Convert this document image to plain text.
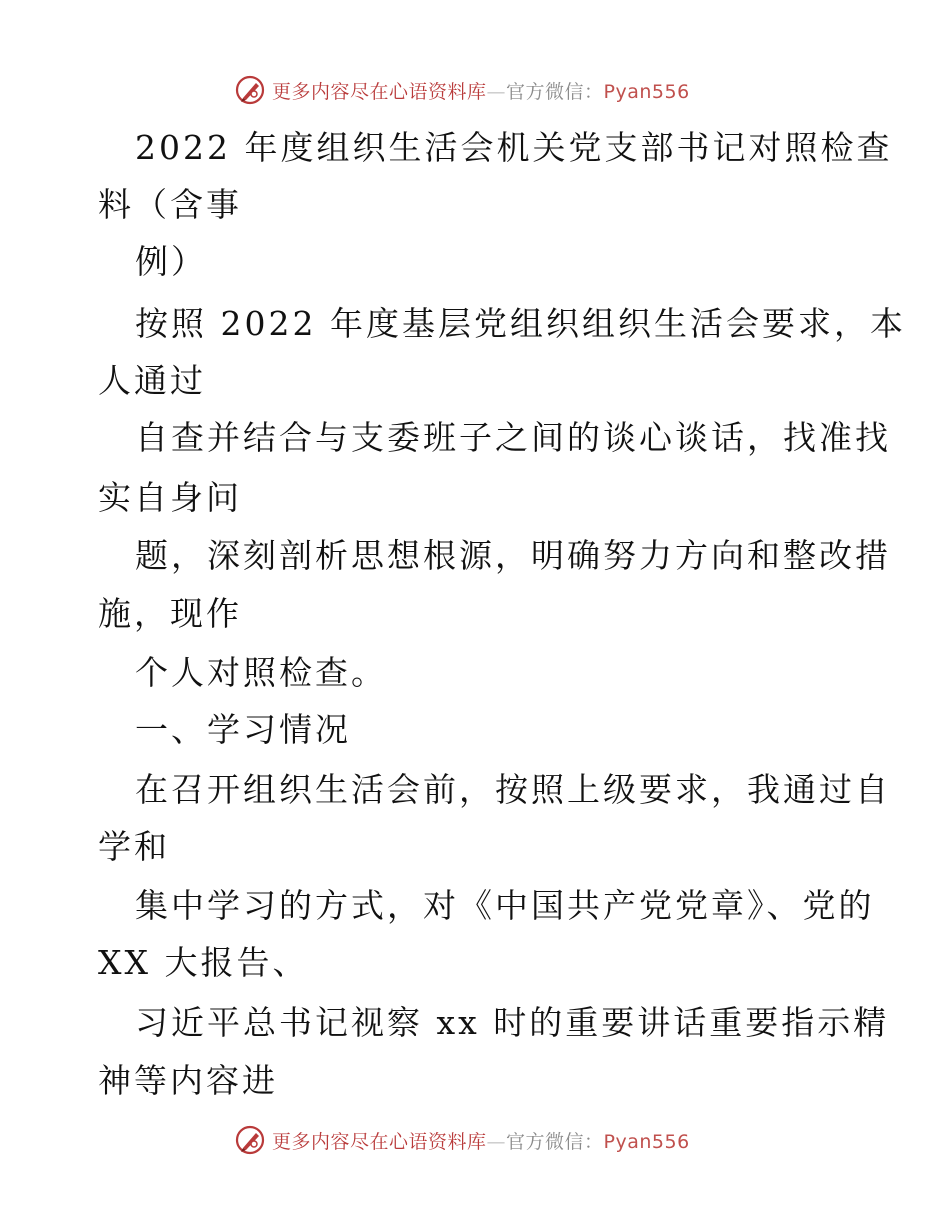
更多内容尽在心语资料库—官方微信：Pyan556
2022 年度组织生活会机关党支部书记对照检查
料（含事
例）
按照 2022 年度基层党组织组织生活会要求，本
人通过
自查并结合与支委班子之间的谈心谈话，找准找
实自身问
题，深刻剖析思想根源，明确努力方向和整改措
施，现作
个人对照检查。
一、学习情况
在召开组织生活会前，按照上级要求，我通过自
学和
集中学习的方式，对《中国共产党党章》、党的
XX 大报告、
习近平总书记视察 xx 时的重要讲话重要指示精
神等内容进
更多内容尽在心语资料库—官方微信：Pyan556
